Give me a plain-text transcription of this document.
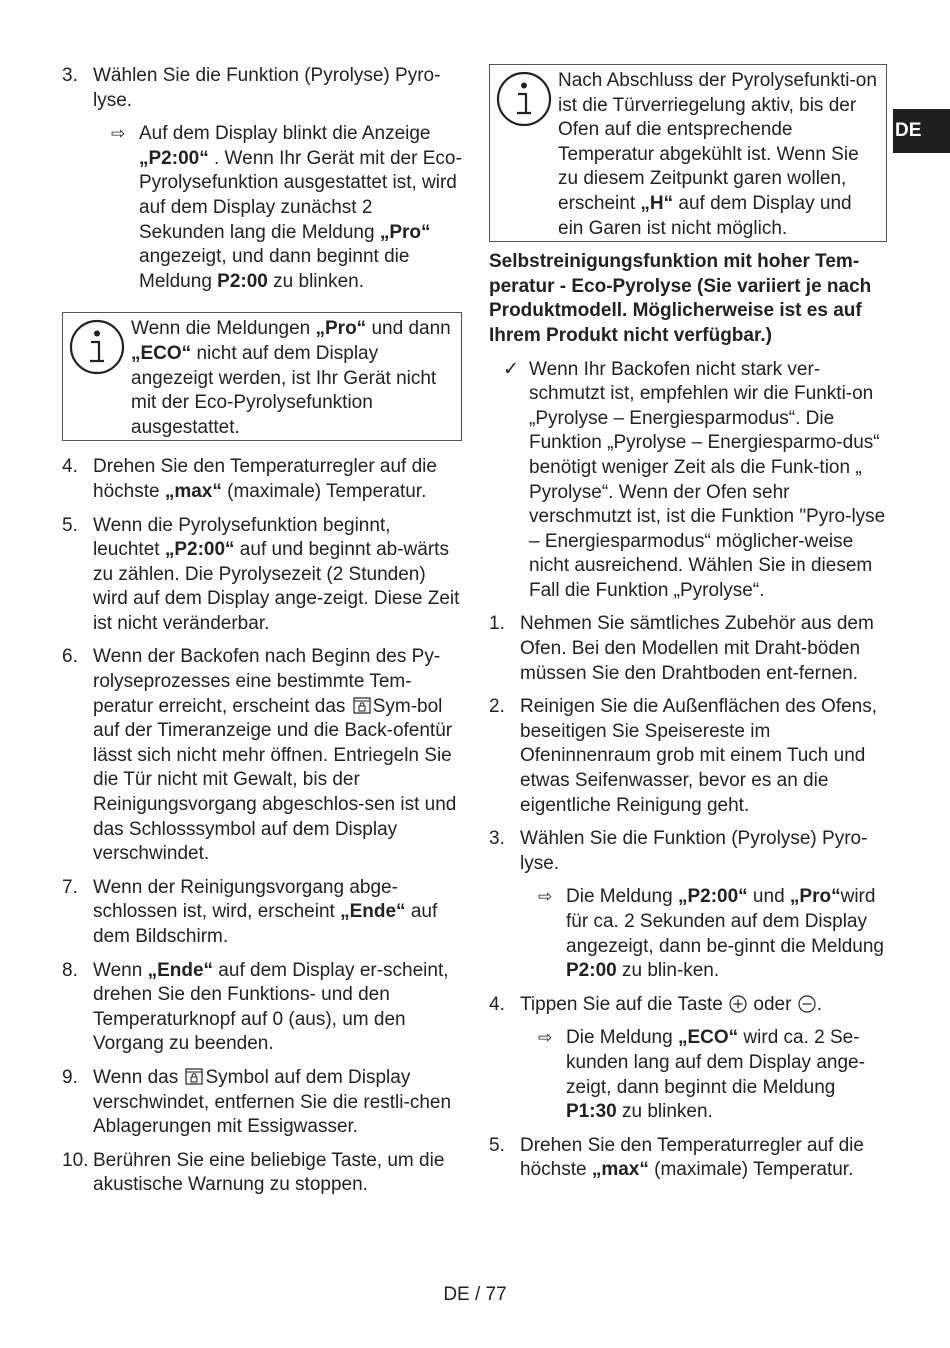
DE
3. Wählen Sie die Funktion (Pyrolyse) Pyro-lyse.
⇨ Auf dem Display blinkt die Anzeige „P2:00“ . Wenn Ihr Gerät mit der Eco-Pyrolysefunktion ausgestattet ist, wird auf dem Display zunächst 2 Sekunden lang die Meldung „Pro“ angezeigt, und dann beginnt die Meldung P2:00 zu blinken.
Wenn die Meldungen „Pro“ und dann „ECO“ nicht auf dem Display angezeigt werden, ist Ihr Gerät nicht mit der Eco-Pyrolysefunktion ausgestattet.
4. Drehen Sie den Temperaturregler auf die höchste „max“ (maximale) Temperatur.
5. Wenn die Pyrolysefunktion beginnt, leuchtet „P2:00“ auf und beginnt ab-wärts zu zählen. Die Pyrolysezeit (2 Stunden) wird auf dem Display ange-zeigt. Diese Zeit ist nicht veränderbar.
6. Wenn der Backofen nach Beginn des Py-rolyseprozesses eine bestimmte Tem-peratur erreicht, erscheint das Sym-bol auf der Timeranzeige und die Back-ofentür lässt sich nicht mehr öffnen. Entriegeln Sie die Tür nicht mit Gewalt, bis der Reinigungsvorgang abgeschlos-sen ist und das Schlosssymbol auf dem Display verschwindet.
7. Wenn der Reinigungsvorgang abge-schlossen ist, wird, erscheint „Ende“ auf dem Bildschirm.
8. Wenn „Ende“ auf dem Display er-scheint, drehen Sie den Funktions- und den Temperaturknopf auf 0 (aus), um den Vorgang zu beenden.
9. Wenn das Symbol auf dem Display verschwindet, entfernen Sie die restli-chen Ablagerungen mit Essigwasser.
10. Berühren Sie eine beliebige Taste, um die akustische Warnung zu stoppen.
Nach Abschluss der Pyrolysefunkti-on ist die Türverriegelung aktiv, bis der Ofen auf die entsprechende Temperatur abgekühlt ist. Wenn Sie zu diesem Zeitpunkt garen wollen, erscheint „H“ auf dem Display und ein Garen ist nicht möglich.
Selbstreinigungsfunktion mit hoher Tem-peratur - Eco-Pyrolyse (Sie variiert je nach Produktmodell. Möglicherweise ist es auf Ihrem Produkt nicht verfügbar.)
✓ Wenn Ihr Backofen nicht stark ver-schmutzt ist, empfehlen wir die Funkti-on „Pyrolyse – Energiesparmodus“. Die Funktion „Pyrolyse – Energiesparmo-dus“ benötigt weniger Zeit als die Funk-tion „ Pyrolyse“. Wenn der Ofen sehr verschmutzt ist, ist die Funktion "Pyro-lyse – Energiesparmodus“ möglicher-weise nicht ausreichend. Wählen Sie in diesem Fall die Funktion „Pyrolyse“.
1. Nehmen Sie sämtliches Zubehör aus dem Ofen. Bei den Modellen mit Draht-böden müssen Sie den Drahtboden ent-fernen.
2. Reinigen Sie die Außenflächen des Ofens, beseitigen Sie Speisereste im Ofeninnenraum grob mit einem Tuch und etwas Seifenwasser, bevor es an die eigentliche Reinigung geht.
3. Wählen Sie die Funktion (Pyrolyse) Pyro-lyse.
⇨ Die Meldung „P2:00“ und „Pro“wird für ca. 2 Sekunden auf dem Display angezeigt, dann be-ginnt die Meldung P2:00 zu blin-ken.
4. Tippen Sie auf die Taste oder .
⇨ Die Meldung „ECO“ wird ca. 2 Se-kunden lang auf dem Display ange-zeigt, dann beginnt die Meldung P1:30 zu blinken.
5. Drehen Sie den Temperaturregler auf die höchste „max“ (maximale) Temperatur.
DE / 77
